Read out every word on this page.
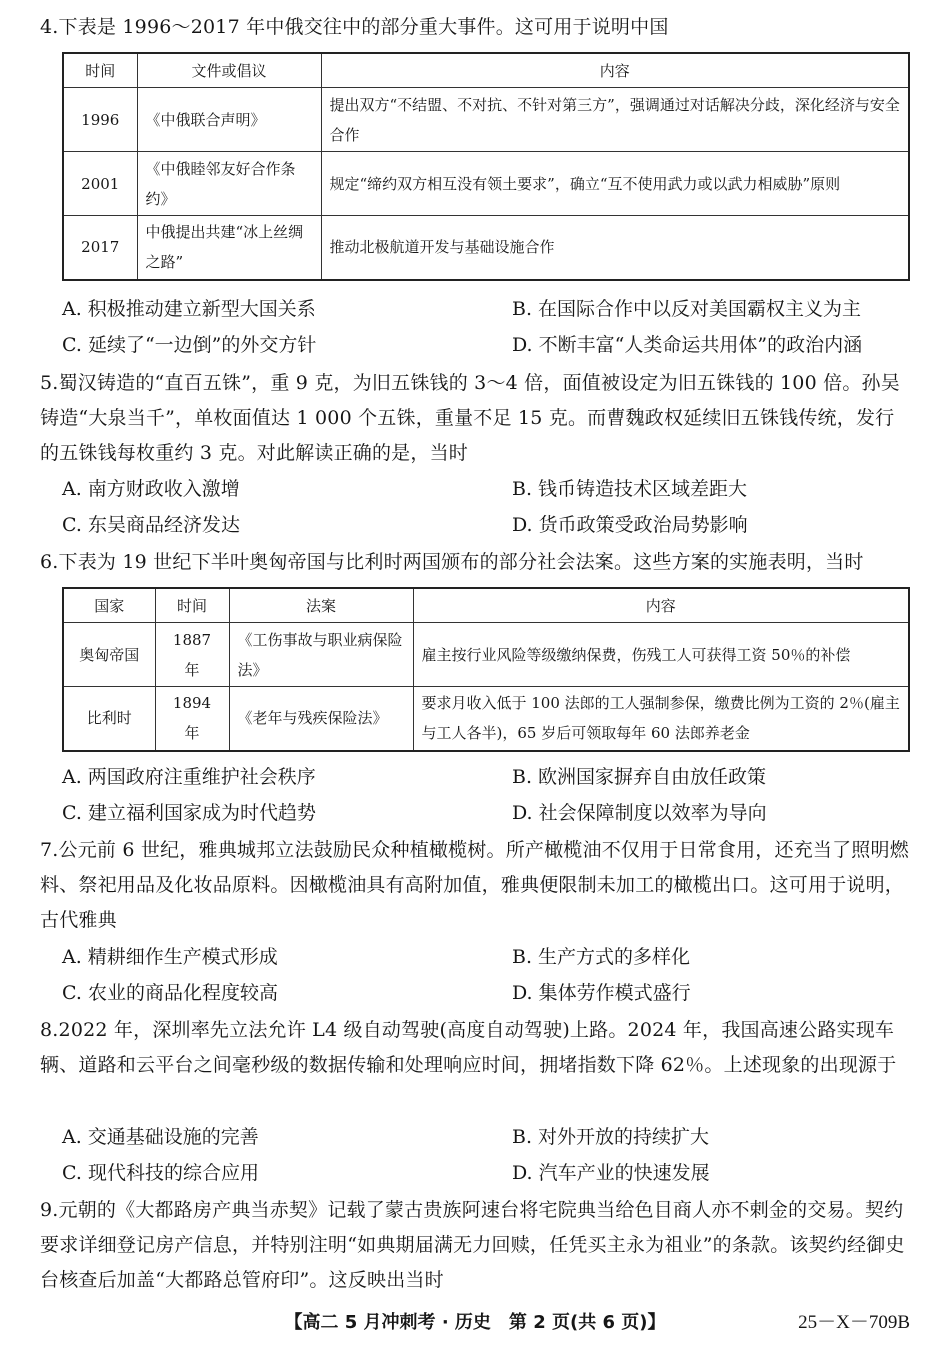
4.下表是 1996～2017 年中俄交往中的部分重大事件。这可用于说明中国
时间	文件或倡议	内容
1996	《中俄联合声明》	提出双方“不结盟、不对抗、不针对第三方”，强调通过对话解决分歧，深化经济与安全合作
2001	《中俄睦邻友好合作条约》	规定“缔约双方相互没有领土要求”，确立“互不使用武力或以武力相威胁”原则
2017	中俄提出共建“冰上丝绸之路”	推动北极航道开发与基础设施合作
A. 积极推动建立新型大国关系	B. 在国际合作中以反对美国霸权主义为主
C. 延续了“一边倒”的外交方针	D. 不断丰富“人类命运共用体”的政治内涵
5.蜀汉铸造的“直百五铢”，重 9 克，为旧五铢钱的 3～4 倍，面值被设定为旧五铢钱的 100 倍。孙吴铸造“大泉当千”，单枚面值达 1 000 个五铢，重量不足 15 克。而曹魏政权延续旧五铢钱传统，发行的五铢钱每枚重约 3 克。对此解读正确的是，当时
A. 南方财政收入激增	B. 钱币铸造技术区域差距大
C. 东吴商品经济发达	D. 货币政策受政治局势影响
6.下表为 19 世纪下半叶奥匈帝国与比利时两国颁布的部分社会法案。这些方案的实施表明，当时
国家	时间	法案	内容
奥匈帝国	1887 年	《工伤事故与职业病保险法》	雇主按行业风险等级缴纳保费，伤残工人可获得工资 50％的补偿
比利时	1894 年	《老年与残疾保险法》	要求月收入低于 100 法郎的工人强制参保，缴费比例为工资的 2％(雇主与工人各半)，65 岁后可领取每年 60 法郎养老金
A. 两国政府注重维护社会秩序	B. 欧洲国家摒弃自由放任政策
C. 建立福利国家成为时代趋势	D. 社会保障制度以效率为导向
7.公元前 6 世纪，雅典城邦立法鼓励民众种植橄榄树。所产橄榄油不仅用于日常食用，还充当了照明燃料、祭祀用品及化妆品原料。因橄榄油具有高附加值，雅典便限制未加工的橄榄出口。这可用于说明，古代雅典
A. 精耕细作生产模式形成	B. 生产方式的多样化
C. 农业的商品化程度较高	D. 集体劳作模式盛行
8.2022 年，深圳率先立法允许 L4 级自动驾驶(高度自动驾驶)上路。2024 年，我国高速公路实现车辆、道路和云平台之间毫秒级的数据传输和处理响应时间，拥堵指数下降 62％。上述现象的出现源于
A. 交通基础设施的完善	B. 对外开放的持续扩大
C. 现代科技的综合应用	D. 汽车产业的快速发展
9.元朝的《大都路房产典当赤契》记载了蒙古贵族阿速台将宅院典当给色目商人亦不剌金的交易。契约要求详细登记房产信息，并特别注明“如典期届满无力回赎，任凭买主永为祖业”的条款。该契约经御史台核查后加盖“大都路总管府印”。这反映出当时
【高二 5 月冲刺考 · 历史　第 2 页(共 6 页)】	25－X－709B
